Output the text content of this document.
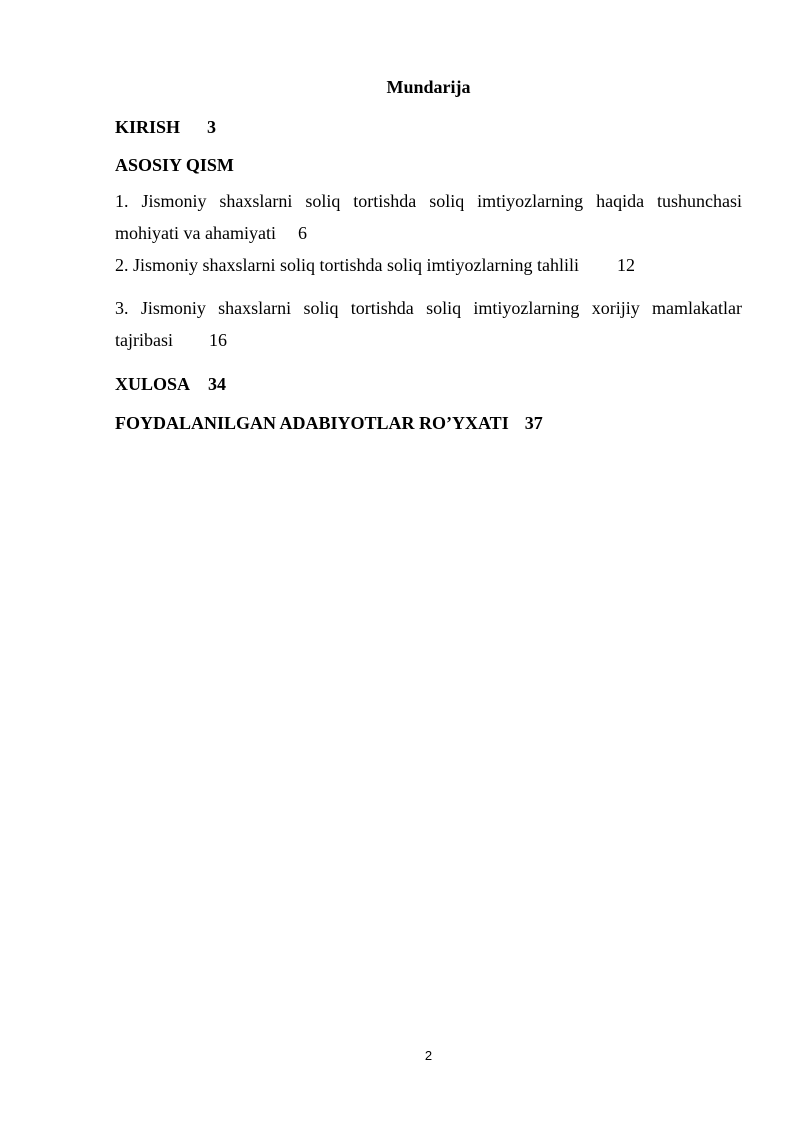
Mundarija
KIRISH 3
ASOSIY QISM
1. Jismoniy shaxslarni soliq tortishda soliq imtiyozlarning haqida tushunchasi
mohiyati va ahamiyati 6
2. Jismoniy shaxslarni soliq tortishda soliq imtiyozlarning tahlili 12
3. Jismoniy shaxslarni soliq tortishda soliq imtiyozlarning xorijiy mamlakatlar
tajribasi 16
XULOSA 34
FOYDALANILGAN ADABIYOTLAR RO’YXATI 37
2
